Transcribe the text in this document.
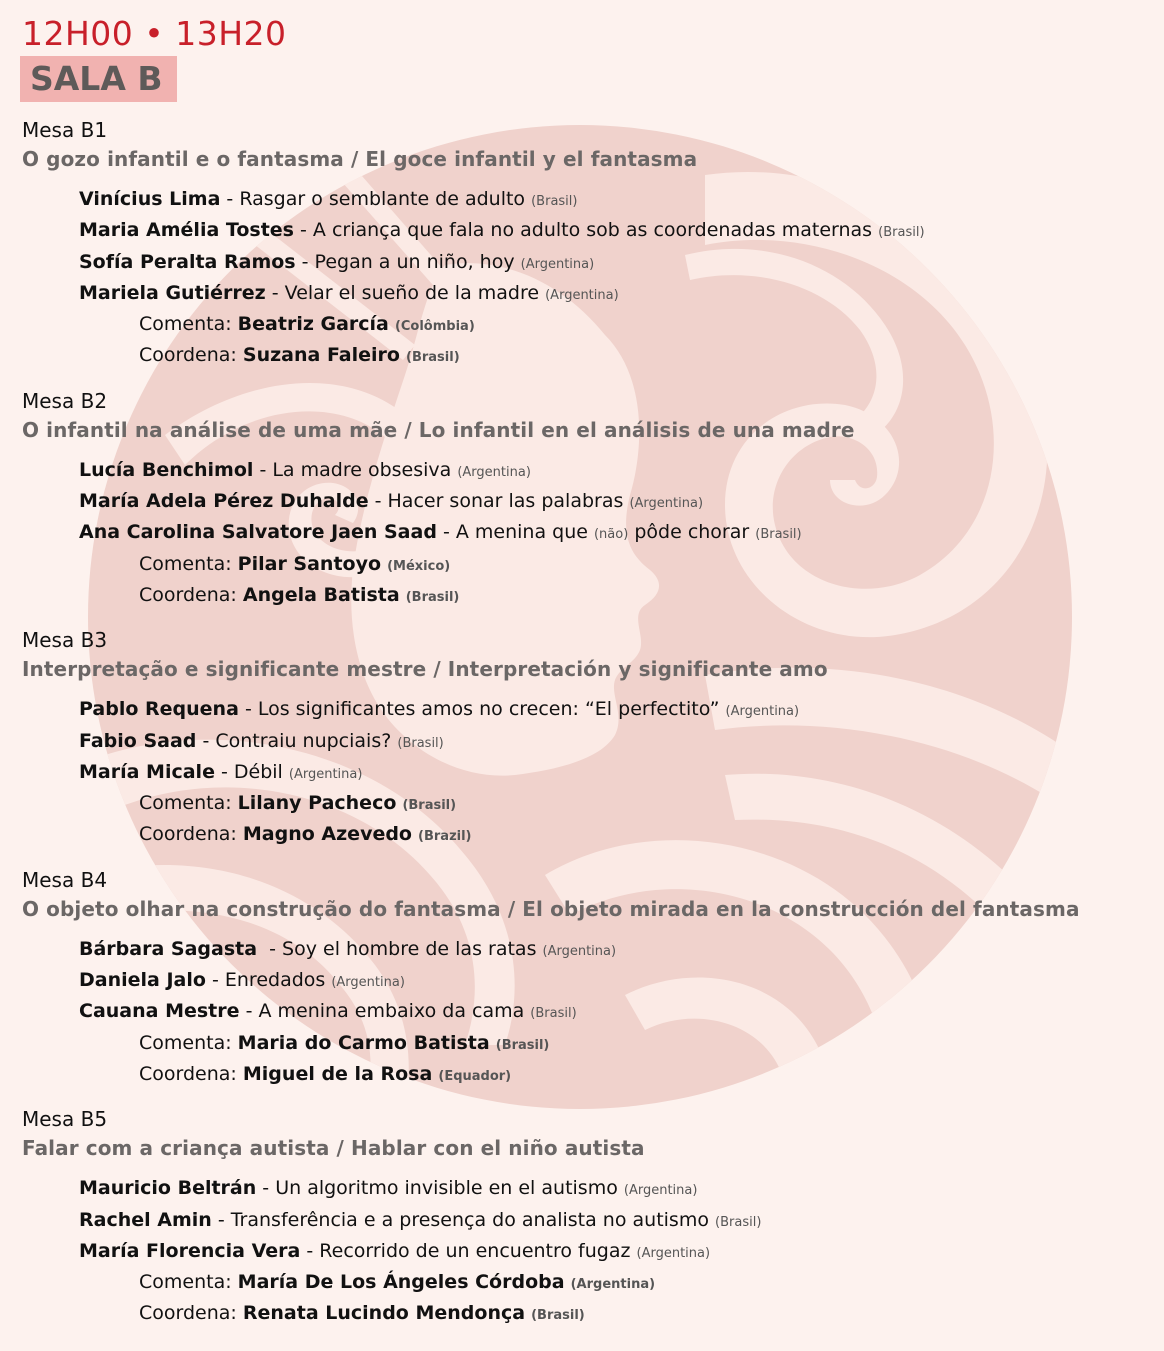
12H00 • 13H20
SALA B
Mesa B1
O gozo infantil e o fantasma / El goce infantil y el fantasma
Vinícius Lima - Rasgar o semblante de adulto (Brasil)
Maria Amélia Tostes - A criança que fala no adulto sob as coordenadas maternas (Brasil)
Sofía Peralta Ramos - Pegan a un niño, hoy (Argentina)
Mariela Gutiérrez - Velar el sueño de la madre (Argentina)
Comenta: Beatriz García (Colômbia)
Coordena: Suzana Faleiro (Brasil)
Mesa B2
O infantil na análise de uma mãe / Lo infantil en el análisis de una madre
Lucía Benchimol - La madre obsesiva (Argentina)
María Adela Pérez Duhalde - Hacer sonar las palabras (Argentina)
Ana Carolina Salvatore Jaen Saad - A menina que (não) pôde chorar (Brasil)
Comenta: Pilar Santoyo (México)
Coordena: Angela Batista (Brasil)
Mesa B3
Interpretação e significante mestre / Interpretación y significante amo
Pablo Requena - Los significantes amos no crecen: “El perfectito” (Argentina)
Fabio Saad - Contraiu nupciais? (Brasil)
María Micale - Débil (Argentina)
Comenta: Lilany Pacheco (Brasil)
Coordena: Magno Azevedo (Brazil)
Mesa B4
O objeto olhar na construção do fantasma / El objeto mirada en la construcción del fantasma
Bárbara Sagasta  - Soy el hombre de las ratas (Argentina)
Daniela Jalo - Enredados (Argentina)
Cauana Mestre - A menina embaixo da cama (Brasil)
Comenta: Maria do Carmo Batista (Brasil)
Coordena: Miguel de la Rosa (Equador)
Mesa B5
Falar com a criança autista / Hablar con el niño autista
Mauricio Beltrán - Un algoritmo invisible en el autismo (Argentina)
Rachel Amin - Transferência e a presença do analista no autismo (Brasil)
María Florencia Vera - Recorrido de un encuentro fugaz (Argentina)
Comenta: María De Los Ángeles Córdoba (Argentina)
Coordena: Renata Lucindo Mendonça (Brasil)
